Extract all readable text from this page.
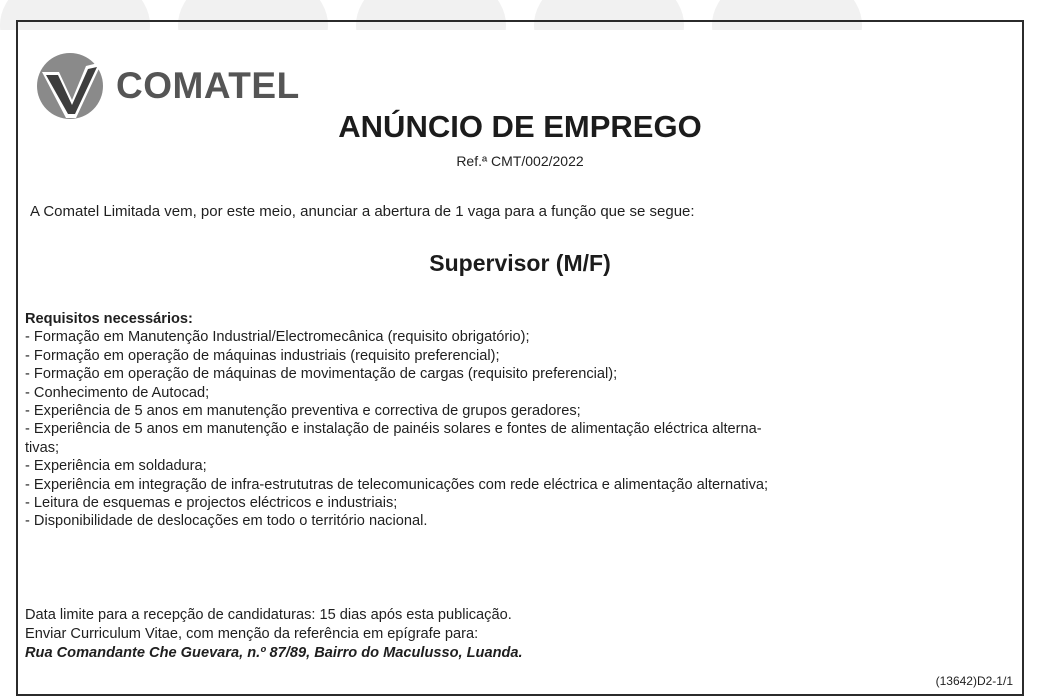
COMATEL
ANÚNCIO DE EMPREGO
Ref.ª CMT/002/2022
A Comatel Limitada vem, por este meio, anunciar a abertura de 1 vaga para a função que se segue:
Supervisor (M/F)
Requisitos necessários:
- Formação em Manutenção Industrial/Electromecânica (requisito obrigatório);
- Formação em operação de máquinas industriais (requisito preferencial);
- Formação em operação de máquinas de movimentação de cargas (requisito preferencial);
- Conhecimento de Autocad;
- Experiência de 5 anos em manutenção preventiva e correctiva de grupos geradores;
- Experiência de 5 anos em manutenção e instalação de painéis solares e fontes de alimentação eléctrica alterna-
tivas;
- Experiência em soldadura;
- Experiência em integração de infra-estrututras de telecomunicações com rede eléctrica e alimentação alternativa;
- Leitura de esquemas e projectos eléctricos e industriais;
- Disponibilidade de deslocações em todo o território nacional.
Data limite para a recepção de candidaturas: 15 dias após esta publicação.
Enviar Curriculum Vitae, com menção da referência em epígrafe para:
Rua Comandante Che Guevara, n.º 87/89, Bairro do Maculusso, Luanda.
(13642)D2-1/1
